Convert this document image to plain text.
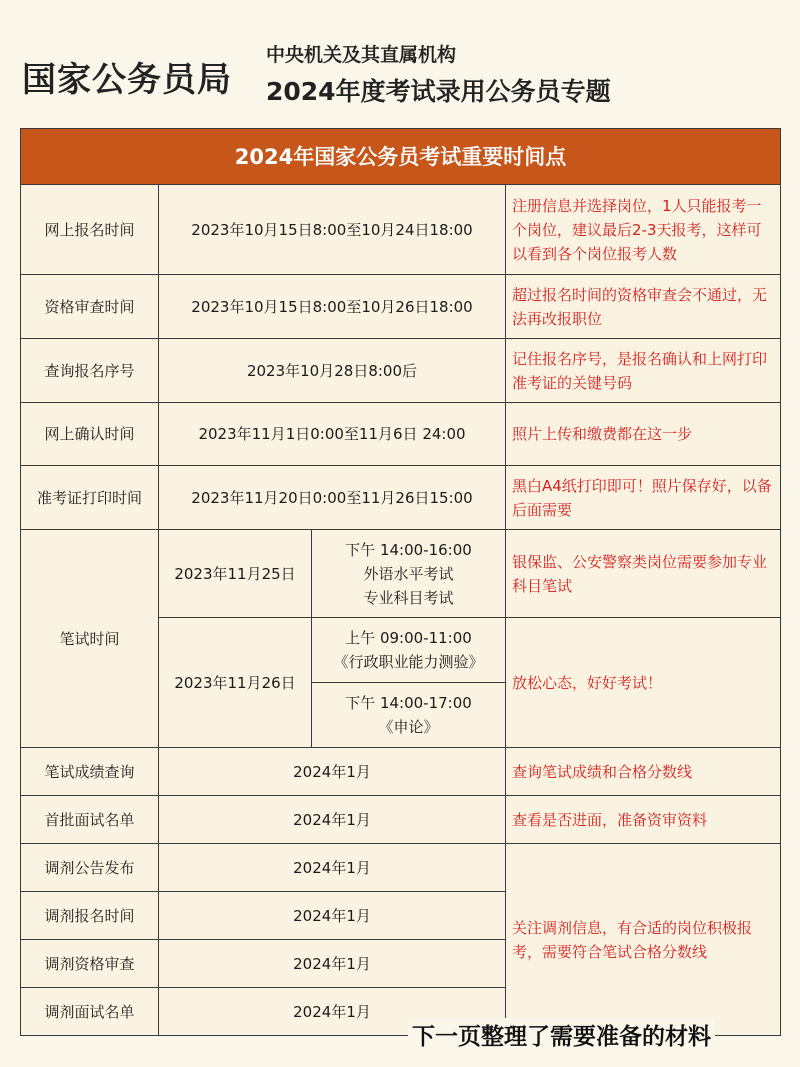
国家公务员局
中央机关及其直属机构
2024年度考试录用公务员专题
2024年国家公务员考试重要时间点			
网上报名时间	2023年10月15日8:00至10月24日18:00		注册信息并选择岗位，1人只能报考一个岗位，建议最后2-3天报考，这样可以看到各个岗位报考人数
资格审查时间	2023年10月15日8:00至10月26日18:00		超过报名时间的资格审查会不通过，无法再改报职位
查询报名序号	2023年10月28日8:00后		记住报名序号，是报名确认和上网打印准考证的关键号码
网上确认时间	2023年11月1日0:00至11月6日 24:00		照片上传和缴费都在这一步
准考证打印时间	2023年11月20日0:00至11月26日15:00		黑白A4纸打印即可！照片保存好，以备后面需要
笔试时间	2023年11月25日	下午 14:00-16:00
外语水平考试
专业科目考试	银保监、公安警察类岗位需要参加专业科目笔试
	2023年11月26日	上午 09:00-11:00
《行政职业能力测验》	放松心态，好好考试！

		下午 14:00-17:00
《申论》	

笔试成绩查询	2024年1月		查询笔试成绩和合格分数线
首批面试名单	2024年1月		查看是否进面，准备资审资料
调剂公告发布	2024年1月		关注调剂信息，有合适的岗位积极报考，需要符合笔试合格分数线
调剂报名时间	2024年1月		
调剂资格审查	2024年1月		
调剂面试名单	2024年1月		
下一页整理了需要准备的材料
